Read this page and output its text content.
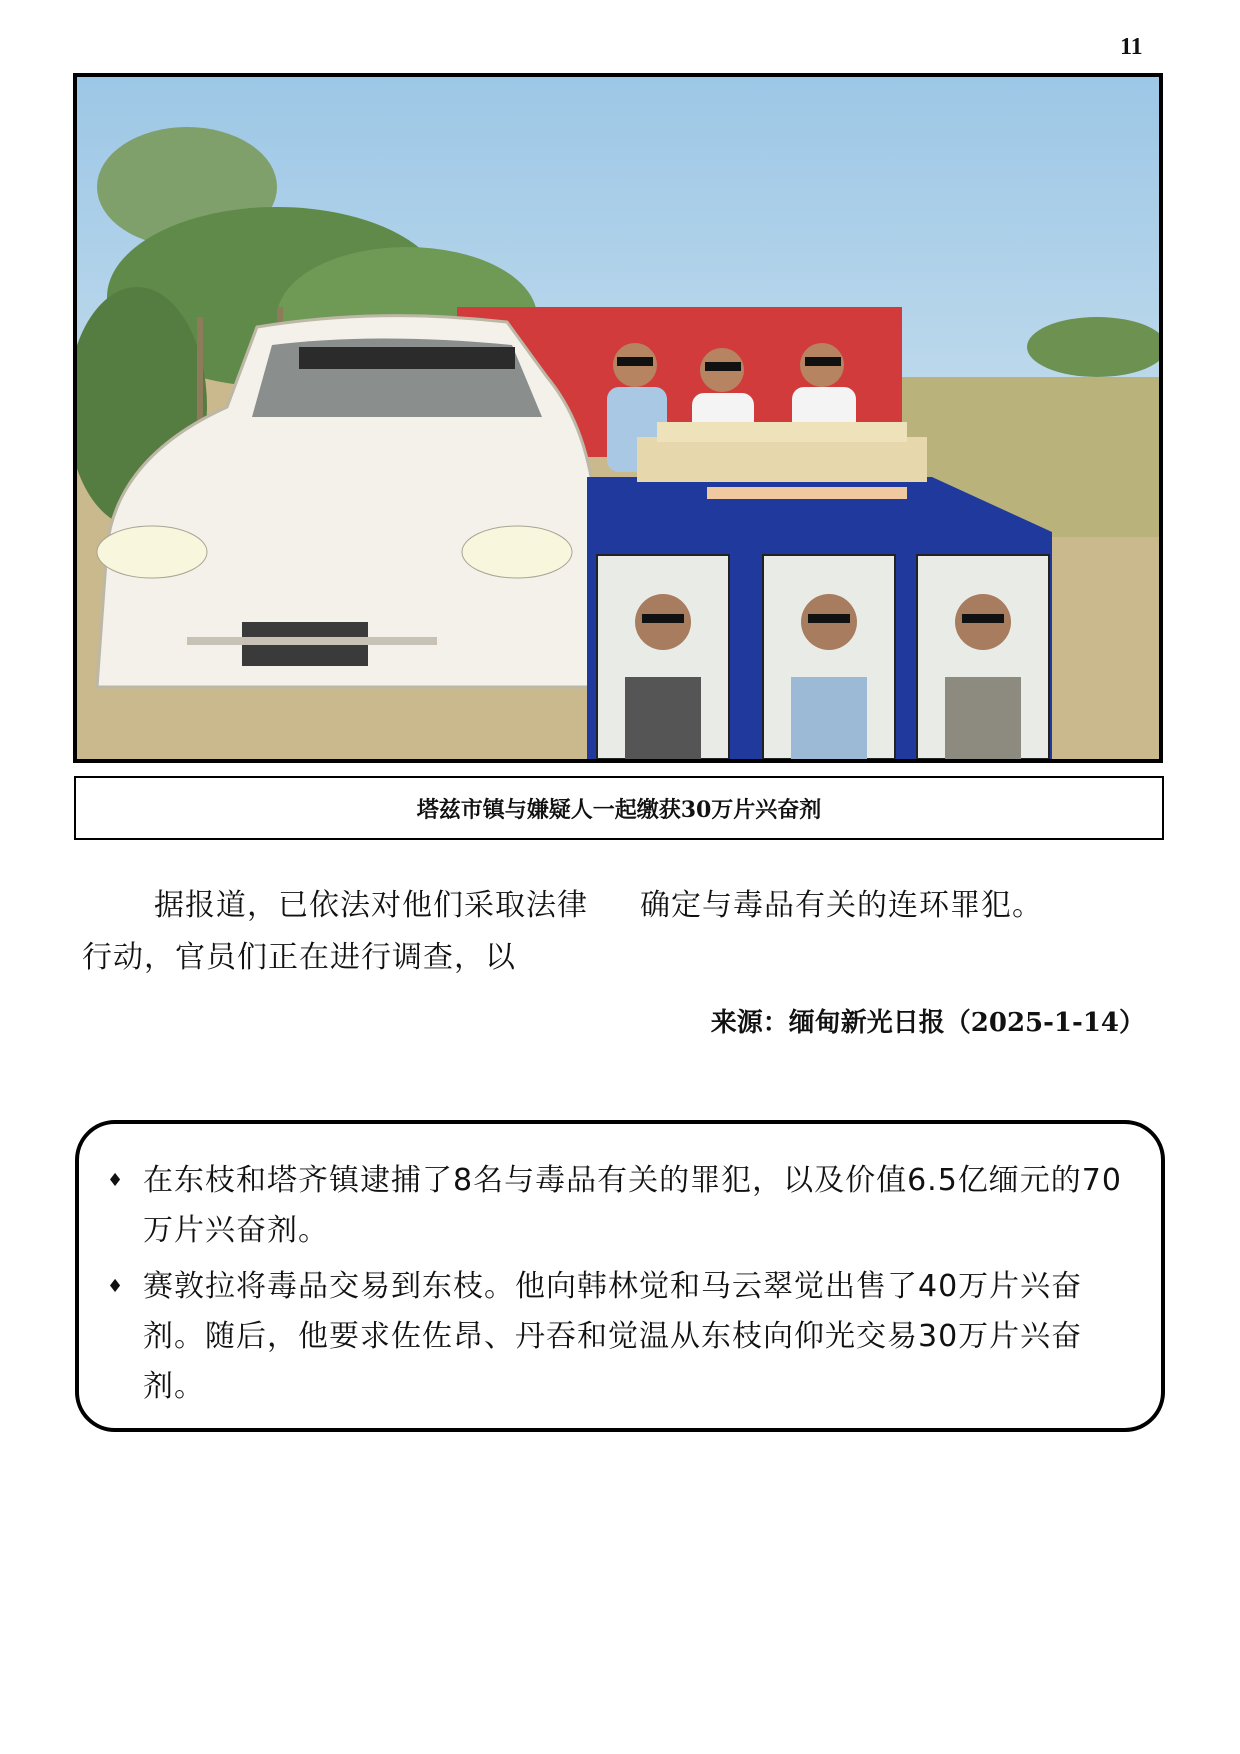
11
塔兹市镇与嫌疑人一起缴获30万片兴奋剂
据报道，已依法对他们采取法律行动，官员们正在进行调查，以
确定与毒品有关的连环罪犯。
来源：缅甸新光日报（2025-1-14）
♦ 在东枝和塔齐镇逮捕了8名与毒品有关的罪犯，以及价值6.5亿缅元的70万片兴奋剂。
♦ 赛敦拉将毒品交易到东枝。他向韩林觉和马云翠觉出售了40万片兴奋剂。随后，他要求佐佐昂、丹吞和觉温从东枝向仰光交易30万片兴奋剂。
